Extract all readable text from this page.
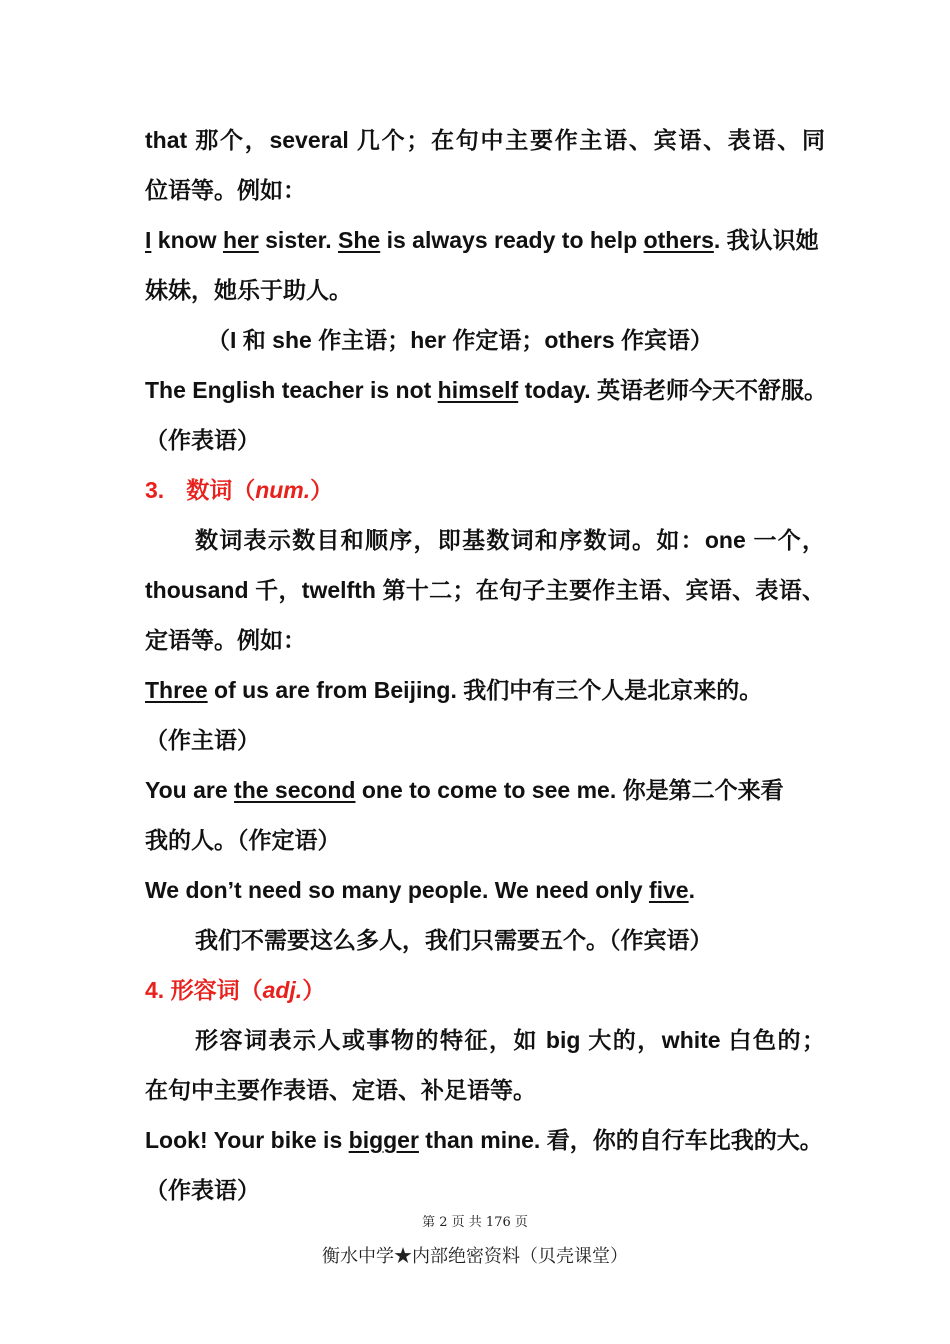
that 那个，several 几个；在句中主要作主语、宾语、表语、同
位语等。例如：
I know her sister. She is always ready to help others. 我认识她
妹妹，她乐于助人。
（I 和 she 作主语；her 作定语；others 作宾语）
The English teacher is not himself today. 英语老师今天不舒服。
（作表语）
3. 数词（num.）
数词表示数目和顺序，即基数词和序数词。如：one 一个，
thousand 千，twelfth 第十二；在句子主要作主语、宾语、表语、
定语等。例如：
Three of us are from Beijing. 我们中有三个人是北京来的。
（作主语）
You are the second one to come to see me. 你是第二个来看
我的人。（作定语）
We don’t need so many people. We need only five.
我们不需要这么多人，我们只需要五个。（作宾语）
4. 形容词（adj.）
形容词表示人或事物的特征，如 big 大的，white 白色的；
在句中主要作表语、定语、补足语等。
Look! Your bike is bigger than mine. 看，你的自行车比我的大。
（作表语）
第 2 页 共 176 页
衡水中学★内部绝密资料（贝壳课堂）
